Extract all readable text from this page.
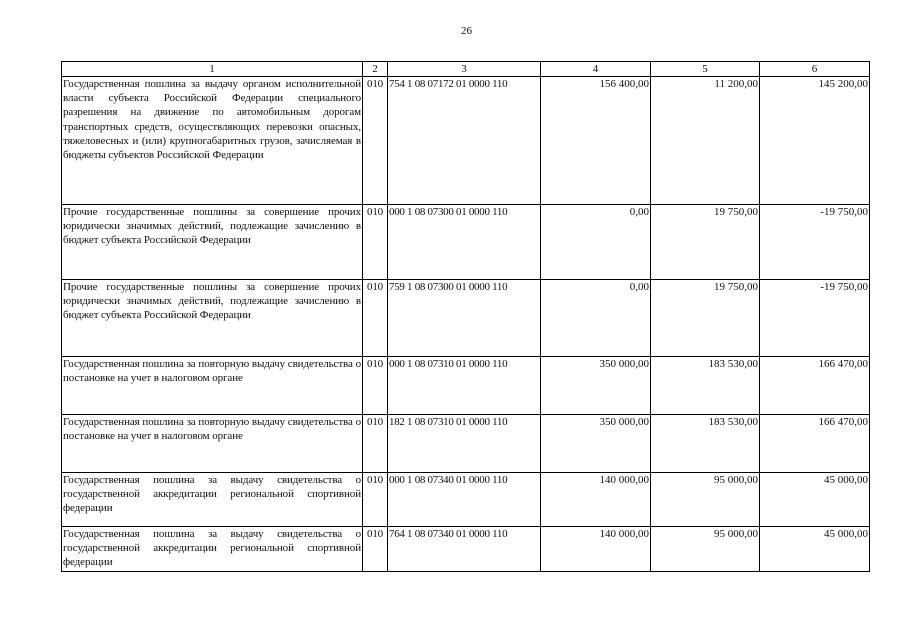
26
1	2	3	4	5	6
Государственная пошлина за выдачу органом исполнительной власти субъекта Российской Федерации специального разрешения на движение по автомобильным дорогам транспортных средств, осуществляющих перевозки опасных, тяжеловесных и (или) крупногабаритных грузов, зачисляемая в бюджеты субъектов Российской Федерации	010	754 1 08 07172 01 0000 110	156 400,00	11 200,00	145 200,00
Прочие государственные пошлины за совершение прочих юридически значимых действий, подлежащие зачислению в бюджет субъекта Российской Федерации	010	000 1 08 07300 01 0000 110	0,00	19 750,00	-19 750,00
Прочие государственные пошлины за совершение прочих юридически значимых действий, подлежащие зачислению в бюджет субъекта Российской Федерации	010	759 1 08 07300 01 0000 110	0,00	19 750,00	-19 750,00
Государственная пошлина за повторную выдачу свидетельства о постановке на учет в налоговом органе	010	000 1 08 07310 01 0000 110	350 000,00	183 530,00	166 470,00
Государственная пошлина за повторную выдачу свидетельства о постановке на учет в налоговом органе	010	182 1 08 07310 01 0000 110	350 000,00	183 530,00	166 470,00
Государственная пошлина за выдачу свидетельства о государственной аккредитации региональной спортивной федерации	010	000 1 08 07340 01 0000 110	140 000,00	95 000,00	45 000,00
Государственная пошлина за выдачу свидетельства о государственной аккредитации региональной спортивной федерации	010	764 1 08 07340 01 0000 110	140 000,00	95 000,00	45 000,00
